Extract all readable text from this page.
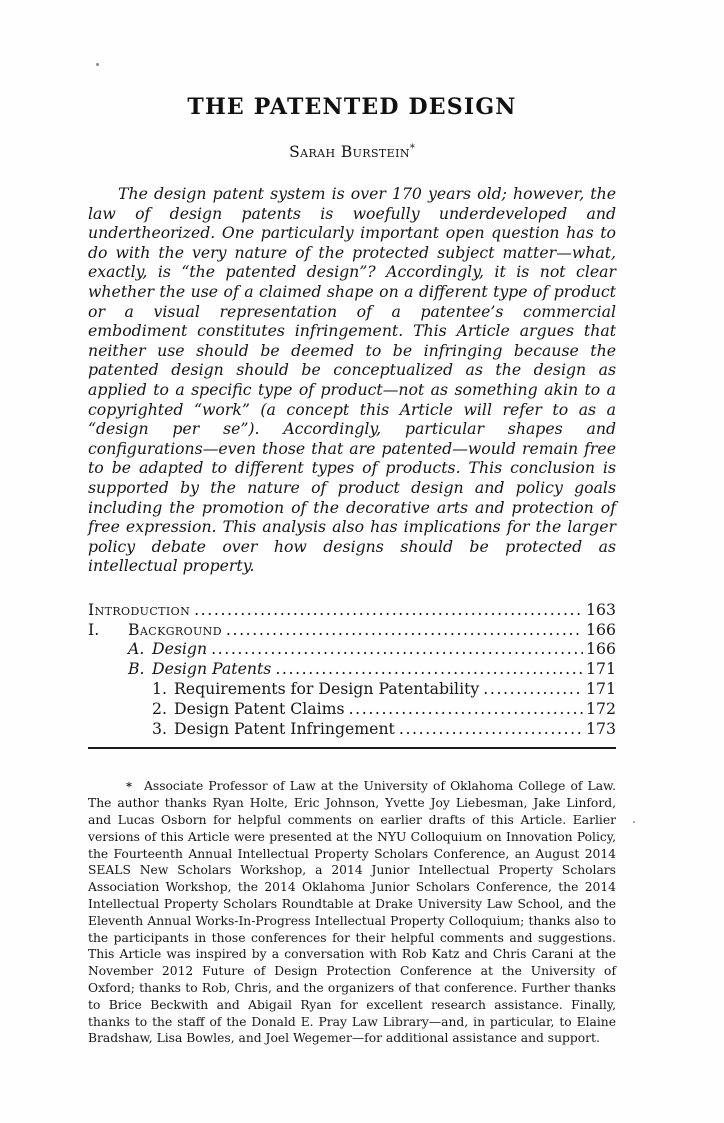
THE PATENTED DESIGN
Sarah Burstein*

The design patent system is over 170 years old; however, the law of design patents is woefully underdeveloped and undertheorized. One particularly important open question has to do with the very nature of the protected subject matter—what, exactly, is “the patented design”? Accordingly, it is not clear whether the use of a claimed shape on a different type of product or a visual representation of a patentee’s commercial embodiment constitutes infringement. This Article argues that neither use should be deemed to be infringing because the patented design should be conceptualized as the design as applied to a specific type of product—not as something akin to a copyrighted “work” (a concept this Article will refer to as a “design per se”). Accordingly, particular shapes and configurations—even those that are patented—would remain free to be adapted to different types of products. This conclusion is supported by the nature of product design and policy goals including the promotion of the decorative arts and protection of free expression. This analysis also has implications for the larger policy debate over how designs should be protected as intellectual property.

Introduction .....	163
I.	Background .....	166
A. Design .....	166
B. Design Patents .....	171
1. Requirements for Design Patentability .....	171
2. Design Patent Claims .....	172
3. Design Patent Infringement .....	173

* Associate Professor of Law at the University of Oklahoma College of Law. The author thanks Ryan Holte, Eric Johnson, Yvette Joy Liebesman, Jake Linford, and Lucas Osborn for helpful comments on earlier drafts of this Article. Earlier versions of this Article were presented at the NYU Colloquium on Innovation Policy, the Fourteenth Annual Intellectual Property Scholars Conference, an August 2014 SEALS New Scholars Workshop, a 2014 Junior Intellectual Property Scholars Association Workshop, the 2014 Oklahoma Junior Scholars Conference, the 2014 Intellectual Property Scholars Roundtable at Drake University Law School, and the Eleventh Annual Works-In-Progress Intellectual Property Colloquium; thanks also to the participants in those conferences for their helpful comments and suggestions. This Article was inspired by a conversation with Rob Katz and Chris Carani at the November 2012 Future of Design Protection Conference at the University of Oxford; thanks to Rob, Chris, and the organizers of that conference. Further thanks to Brice Beckwith and Abigail Ryan for excellent research assistance. Finally, thanks to the staff of the Donald E. Pray Law Library—and, in particular, to Elaine Bradshaw, Lisa Bowles, and Joel Wegemer—for additional assistance and support.
